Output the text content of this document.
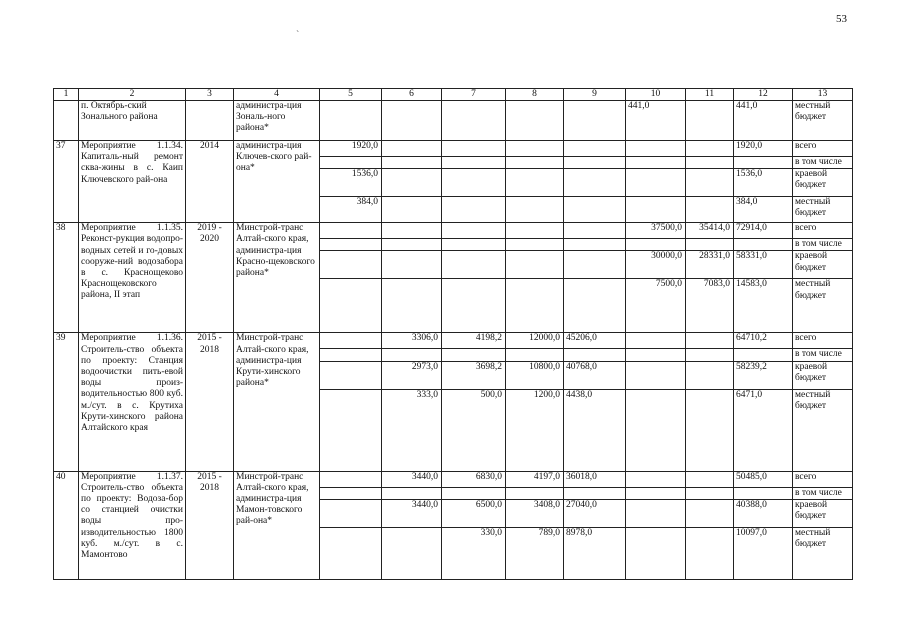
53
`
1	2	3	4	5	6	7	8	9	10	11	12	13
	п. Октябрь-ский Зонального района		администра-ция Зональ-ного района*						441,0		441,0	местный бюджет
37	Мероприятие 1.1.34. Капиталь-ный ремонт сква-жины в с. Каип Ключевского рай-она	2014	администра-ция Ключев-ского рай-она*	1920,0							1920,0	всего
												в том числе
				1536,0							1536,0	краевой бюджет
				384,0							384,0	местный бюджет
38	Мероприятие 1.1.35. Реконст-рукция водопро-водных сетей и го-довых сооруже-ний водозабора в с. Краснощеково Краснощековского района, II этап	2019 - 2020	Минстрой-транс Алтай-ского края, администра-ция Красно-щековского района*						37500,0	35414,0	72914,0	всего
												в том числе
									30000,0	28331,0	58331,0	краевой бюджет
									7500,0	7083,0	14583,0	местный бюджет
39	Мероприятие 1.1.36. Строитель-ство объекта по проекту: Станция водоочистки пить-евой воды произ-водительностью 800 куб. м./сут. в с. Крутиха Крути-хинского района Алтайского края	2015 - 2018	Минстрой-транс Алтай-ского края, администра-ция Крути-хинского района*		3306,0	4198,2	12000,0	45206,0			64710,2	всего
												в том числе
					2973,0	3698,2	10800,0	40768,0			58239,2	краевой бюджет
					333,0	500,0	1200,0	4438,0			6471,0	местный бюджет
40	Мероприятие 1.1.37. Строитель-ство объекта по проекту: Водоза-бор со станцией очистки воды про-изводительностью 1800 куб. м./сут. в с. Мамонтово	2015 - 2018	Минстрой-транс Алтай-ского края, администра-ция Мамон-товского рай-она*		3440,0	6830,0	4197,0	36018,0			50485,0	всего
												в том числе
					3440,0	6500,0	3408,0	27040,0			40388,0	краевой бюджет
						330,0	789,0	8978,0			10097,0	местный бюджет
